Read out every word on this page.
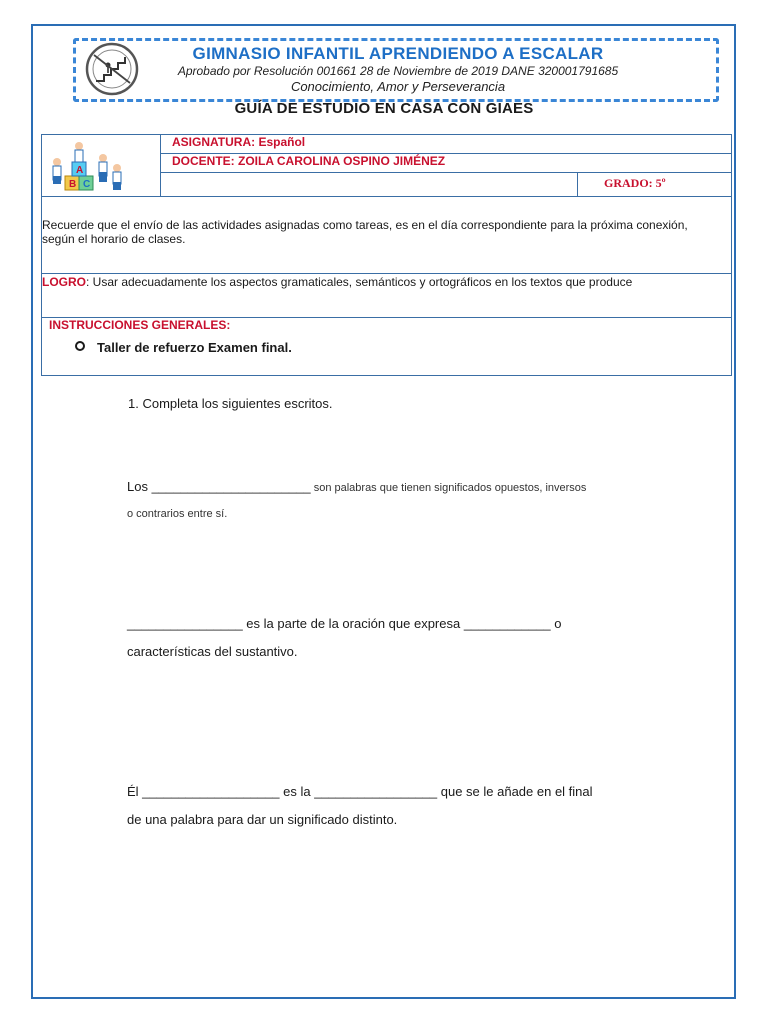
GIMNASIO INFANTIL APRENDIENDO A ESCALAR
Aprobado por Resolución 001661 28 de Noviembre de 2019 DANE 320001791685
Conocimiento, Amor y Perseverancia
GUÍA DE ESTUDIO EN CASA CON GIAES
B C
A
ASIGNATURA: Español
DOCENTE: ZOILA CAROLINA OSPINO JIMÉNEZ
GRADO: 5º
Recuerde que el envío de las actividades asignadas como tareas, es en el día correspondiente para la próxima conexión, según el horario de clases.
LOGRO: Usar adecuadamente los aspectos gramaticales, semánticos y ortográficos en los textos que produce
INSTRUCCIONES GENERALES:
Taller de refuerzo Examen final.
1. Completa los siguientes escritos.
Los ______________________ son palabras que tienen significados opuestos, inversos
o contrarios entre sí.
________________ es la parte de la oración que expresa ____________ o
características del sustantivo.
Él ___________________ es la _________________ que se le añade en el final
de una palabra para dar un significado distinto.
